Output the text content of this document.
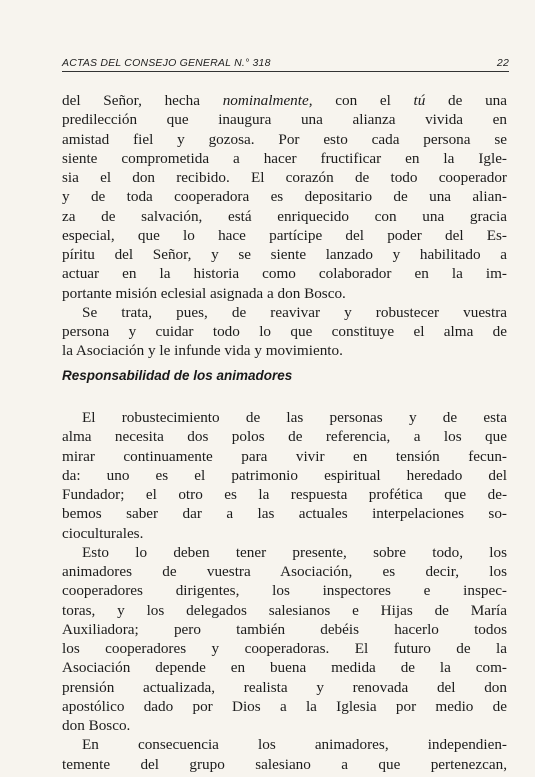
ACTAS DEL CONSEJO GENERAL N.° 318	22
del Señor, hecha nominalmente, con el tú de una
predilección que inaugura una alianza vivida en
amistad fiel y gozosa. Por esto cada persona se
siente comprometida a hacer fructificar en la Igle-
sia el don recibido. El corazón de todo cooperador
y de toda cooperadora es depositario de una alian-
za de salvación, está enriquecido con una gracia
especial, que lo hace partícipe del poder del Es-
píritu del Señor, y se siente lanzado y habilitado a
actuar en la historia como colaborador en la im-
portante misión eclesial asignada a don Bosco.
Se trata, pues, de reavivar y robustecer vuestra
persona y cuidar todo lo que constituye el alma de
la Asociación y le infunde vida y movimiento.
Responsabilidad de los animadores
El robustecimiento de las personas y de esta
alma necesita dos polos de referencia, a los que
mirar continuamente para vivir en tensión fecun-
da: uno es el patrimonio espiritual heredado del
Fundador; el otro es la respuesta profética que de-
bemos saber dar a las actuales interpelaciones so-
cioculturales.
Esto lo deben tener presente, sobre todo, los
animadores de vuestra Asociación, es decir, los
cooperadores dirigentes, los inspectores e inspec-
toras, y los delegados salesianos e Hijas de María
Auxiliadora; pero también debéis hacerlo todos
los cooperadores y cooperadoras. El futuro de la
Asociación depende en buena medida de la com-
prensión actualizada, realista y renovada del don
apostólico dado por Dios a la Iglesia por medio de
don Bosco.
En consecuencia los animadores, independien-
temente del grupo salesiano a que pertenezcan,
